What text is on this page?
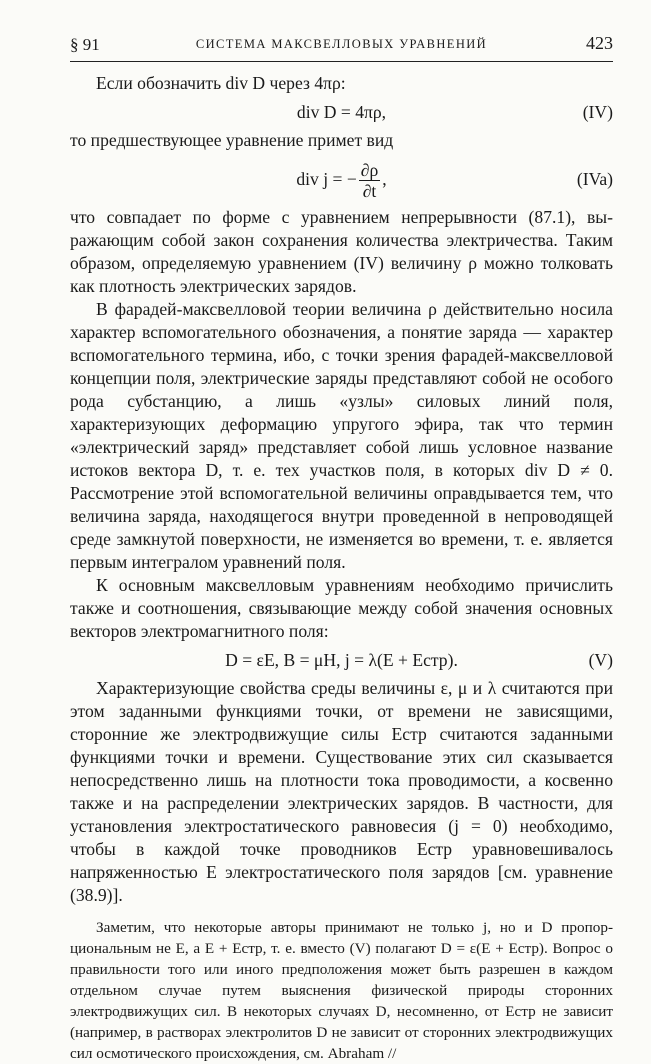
§ 91	СИСТЕМА МАКСВЕЛЛОВЫХ УРАВНЕНИЙ	423

Если обозначить div D через 4πρ:

div D = 4πρ,	(IV)

то предшествующее уравнение примет вид

div j = − $\frac{\partial\rho}{\partial t}$ ,	(IVa)

что совпадает по форме с уравнением непрерывности (87.1), выражающим собой закон сохранения количества электричества. Таким образом, определяемую уравнением (IV) величину ρ можно толковать как плотность электрических зарядов.

В фарадей-максвелловой теории величина ρ действительно носила характер вспомогательного обозначения, а понятие заряда — характер вспомогательного термина, ибо, с точки зрения фарадей-максвелловой концепции поля, электрические заряды представляют собой не особого рода субстанцию, а лишь «узлы» силовых линий поля, характеризующих деформацию упругого эфира, так что термин «электрический заряд» представляет собой лишь условное название истоков вектора D, т. е. тех участков поля, в которых div D ≠ 0. Рассмотрение этой вспомогательной величины оправдывается тем, что величина заряда, находящегося внутри проведенной в непроводящей среде замкнутой поверхности, не изменяется во времени, т. е. является первым интегралом уравнений поля.

К основным максвелловым уравнениям необходимо причислить также и соотношения, связывающие между собой значения основных векторов электромагнитного поля:

D = εE, B = μH, j = λ(E + Eстр).	(V)

Характеризующие свойства среды величины ε, μ и λ считаются при этом заданными функциями точки, от времени не зависящими, сторонние же электродвижущие силы Eстр считаются заданными функциями точки и времени. Существование этих сил сказывается непосредственно лишь на плотности тока проводимости, а косвенно также и на распределении электрических зарядов. В частности, для установления электростатического равновесия (j = 0) необходимо, чтобы в каждой точке проводников Eстр уравновешивалось напряженностью E электростатического поля зарядов [см. уравнение (38.9)].

Заметим, что некоторые авторы принимают не только j, но и D пропорциональным не E, а E + Eстр, т. е. вместо (V) полагают D = ε(E + Eстр). Вопрос о правильности того или иного предположения может быть разрешен в каждом отдельном случае путем выяснения физической природы сторонних электродвижущих сил. В некоторых случаях D, несомненно, от Eстр не зависит (например, в растворах электролитов D не зависит от сторонних электродвижущих сил осмотического происхождения, см. Abraham //
